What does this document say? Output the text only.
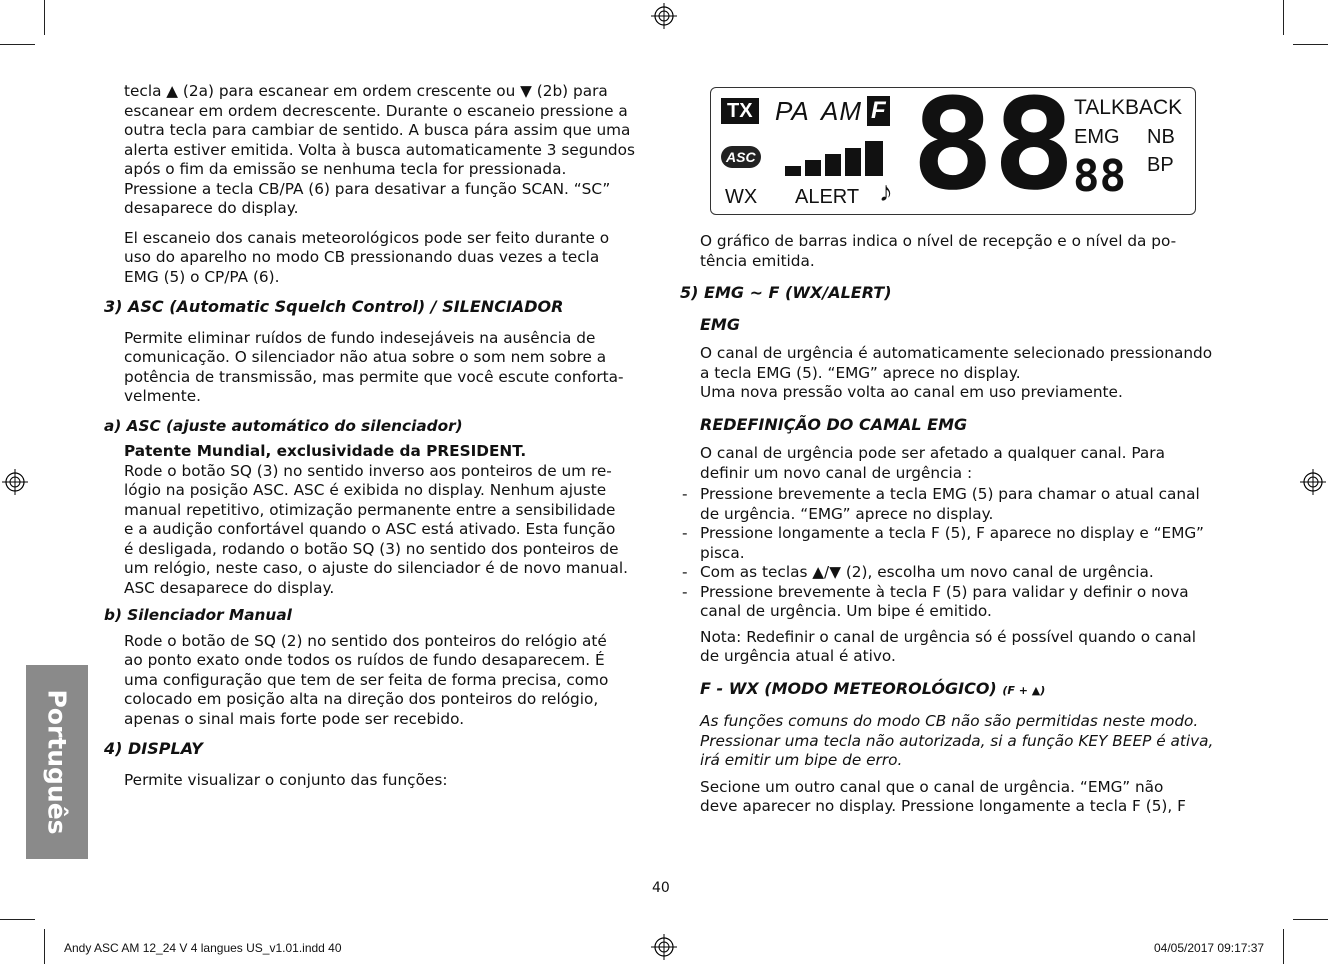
Português

tecla ▲ (2a) para escanear em ordem crescente ou ▼ (2b) para
escanear em ordem decrescente. Durante o escaneio pressione a
outra tecla para cambiar de sentido. A busca pára assim que uma
alerta estiver emitida. Volta à busca automaticamente 3 segundos
após o fim da emissão se nenhuma tecla for pressionada.
Pressione a tecla CB/PA (6) para desativar a função SCAN. “SC”
desaparece do display.

El escaneio dos canais meteorológicos pode ser feito durante o
uso do aparelho no modo CB pressionando duas vezes a tecla
EMG (5) o CP/PA (6).

3) ASC (Automatic Squelch Control) / SILENCIADOR

Permite eliminar ruídos de fundo indesejáveis na ausência de
comunicação. O silenciador não atua sobre o som nem sobre a
potência de transmissão, mas permite que você escute conforta-
velmente.

a) ASC (ajuste automático do silenciador)

Patente Mundial, exclusividade da PRESIDENT.
Rode o botão SQ (3) no sentido inverso aos ponteiros de um re-
lógio na posição ASC. ASC é exibida no display. Nenhum ajuste
manual repetitivo, otimização permanente entre a sensibilidade
e a audição confortável quando o ASC está ativado. Esta função
é desligada, rodando o botão SQ (3) no sentido dos ponteiros de
um relógio, neste caso, o ajuste do silenciador é de novo manual.
ASC desaparece do display.

b) Silenciador Manual

Rode o botão de SQ (2) no sentido dos ponteiros do relógio até
ao ponto exato onde todos os ruídos de fundo desaparecem. É
uma configuração que tem de ser feita de forma precisa, como
colocado em posição alta na direção dos ponteiros do relógio,
apenas o sinal mais forte pode ser recebido.

4) DISPLAY

Permite visualizar o conjunto das funções:

TX PA AM F
ASC
WX ALERT ♪ 88 TALKBACK
EMG NB
88 BP

O gráfico de barras indica o nível de recepção e o nível da po-
tência emitida.

5) EMG ~ F (WX/ALERT)

EMG

O canal de urgência é automaticamente selecionado pressionando
a tecla EMG (5). “EMG” aprece no display.
Uma nova pressão volta ao canal em uso previamente.

REDEFINIÇÃO DO CAMAL EMG

O canal de urgência pode ser afetado a qualquer canal. Para
definir um novo canal de urgência :

- Pressione brevemente a tecla EMG (5) para chamar o atual canal
de urgência. “EMG” aprece no display.
- Pressione longamente a tecla F (5), F aparece no display e “EMG”
pisca.
- Com as teclas ▲/▼ (2), escolha um novo canal de urgência.
- Pressione brevemente à tecla F (5) para validar y definir o nova
canal de urgência. Um bipe é emitido.

Nota: Redefinir o canal de urgência só é possível quando o canal
de urgência atual é ativo.

F - WX (MODO METEOROLÓGICO) (F + ▲)

As funções comuns do modo CB não são permitidas neste modo.
Pressionar uma tecla não autorizada, si a função KEY BEEP é ativa,
irá emitir um bipe de erro.

Secione um outro canal que o canal de urgência. “EMG” não
deve aparecer no display. Pressione longamente a tecla F (5), F

40
Andy ASC AM 12_24 V 4 langues US_v1.01.indd 40	04/05/2017 09:17:37
